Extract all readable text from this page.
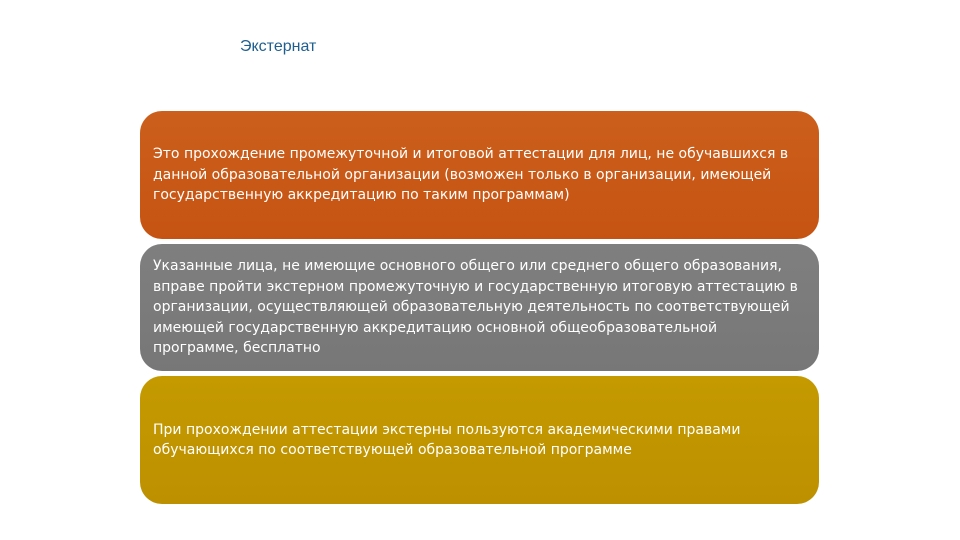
Экстернат
Это прохождение промежуточной и итоговой аттестации для лиц, не обучавшихся в данной образовательной организации (возможен только в организации, имеющей государственную аккредитацию по таким программам)
Указанные лица, не имеющие основного общего или среднего общего образования, вправе пройти экстерном промежуточную и государственную итоговую аттестацию в организации, осуществляющей образовательную деятельность по соответствующей имеющей государственную аккредитацию основной общеобразовательной программе, бесплатно
При прохождении аттестации экстерны пользуются академическими правами обучающихся по соответствующей образовательной программе
